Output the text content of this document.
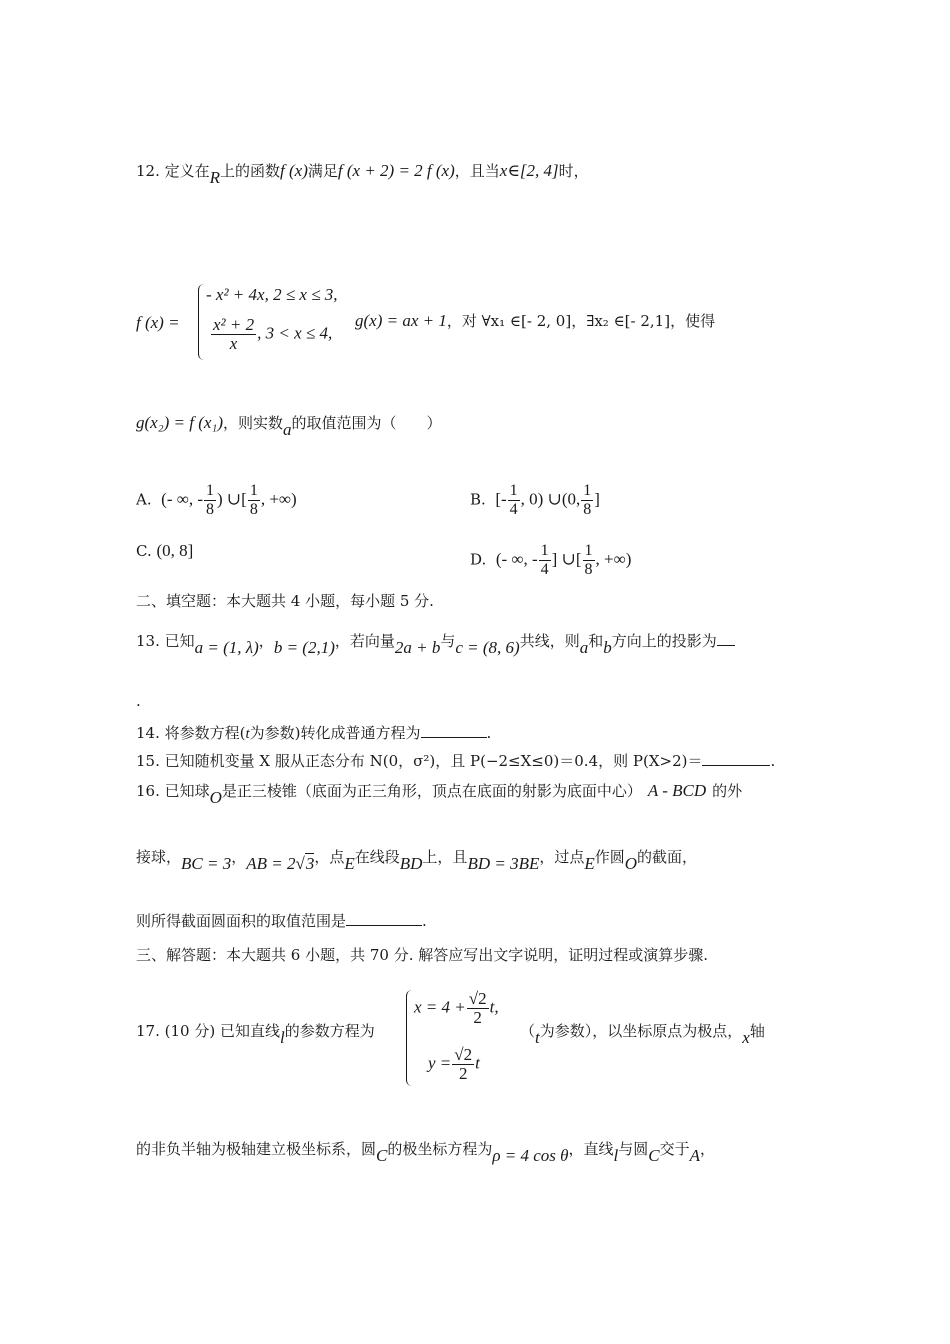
12. 定义在R上的函数f (x)满足f (x + 2) = 2 f (x)，且当x∈[2, 4]时，
f (x) =
- x² + 4x, 2 ≤ x ≤ 3,
$\frac{\text{x² + 2}}{x}$ , 3 < x ≤ 4,
g(x) = ax + 1，对 ∀x₁ ∈[- 2, 0]，∃x₂ ∈[- 2,1]，使得
g(x₂) = f (x₁)，则实数a的取值范围为（　　）
A. (- ∞, - $\frac{1}{8}$ ) ∪[ $\frac{1}{8}$ , +∞)	B. [- $\frac{1}{4}$ , 0) ∪(0, $\frac{1}{8}$ ]
C. (0, 8]	D. (- ∞, - $\frac{1}{4}$ ] ∪[ $\frac{1}{8}$ , +∞)
二、填空题：本大题共 4 小题，每小题 5 分.
13. 已知a = (1, λ)，b = (2,1)，若向量2a + b与c = (8, 6)共线，则a和b方向上的投影为
.
14. 将参数方程(t为参数)转化成普通方程为	.
15. 已知随机变量 X 服从正态分布 N(0，σ²)，且 P(−2≤X≤0)＝0.4，则 P(X>2)＝	.
16. 已知球O是正三棱锥（底面为正三角形，顶点在底面的射影为底面中心） A - BCD 的外
接球，BC = 3，AB = 2√3，点E在线段BD上，且BD = 3BE，过点E作圆O的截面，
则所得截面圆面积的取值范围是	.
三、解答题：本大题共 6 小题，共 70 分. 解答应写出文字说明，证明过程或演算步骤.
17. (10 分) 已知直线l的参数方程为
$x = 4 + \frac{√2}{2} t$,
$y = \frac{√2}{2}$ t
（t为参数），以坐标原点为极点，x轴
的非负半轴为极轴建立极坐标系，圆C的极坐标方程为ρ = 4 cos θ，直线l与圆C交于A，
